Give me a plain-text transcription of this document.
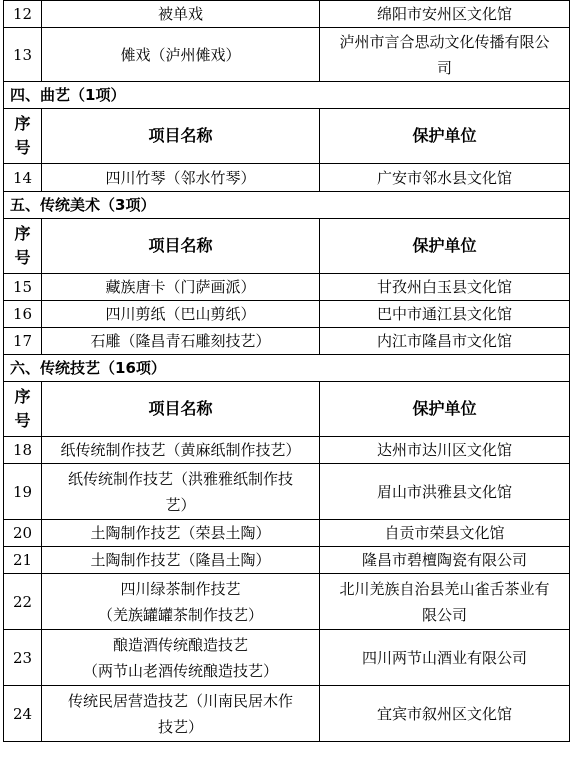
12	被单戏	绵阳市安州区文化馆
13	傩戏（泸州傩戏）	泸州市言合思动文化传播有限公
司

四、曲艺（1项）		

序
号	项目名称	保护单位
14	四川竹琴（邻水竹琴）	广安市邻水县文化馆
五、传统美术（3项）		

序
号	项目名称	保护单位
15	藏族唐卡（门萨画派）	甘孜州白玉县文化馆
16	四川剪纸（巴山剪纸）	巴中市通江县文化馆
17	石雕（隆昌青石雕刻技艺）	内江市隆昌市文化馆
六、传统技艺（16项）		

序
号	项目名称	保护单位
18	纸传统制作技艺（黄麻纸制作技艺）	达州市达川区文化馆
19	纸传统制作技艺（洪雅雅纸制作技
艺）	眉山市洪雅县文化馆
20	土陶制作技艺（荣县土陶）	自贡市荣县文化馆
21	土陶制作技艺（隆昌土陶）	隆昌市碧檀陶瓷有限公司
22	四川绿茶制作技艺
（羌族罐罐茶制作技艺）	北川羌族自治县羌山雀舌茶业有
限公司

23	酿造酒传统酿造技艺
（两节山老酒传统酿造技艺）	四川两节山酒业有限公司
24	传统民居营造技艺（川南民居木作
技艺）	宜宾市叙州区文化馆
